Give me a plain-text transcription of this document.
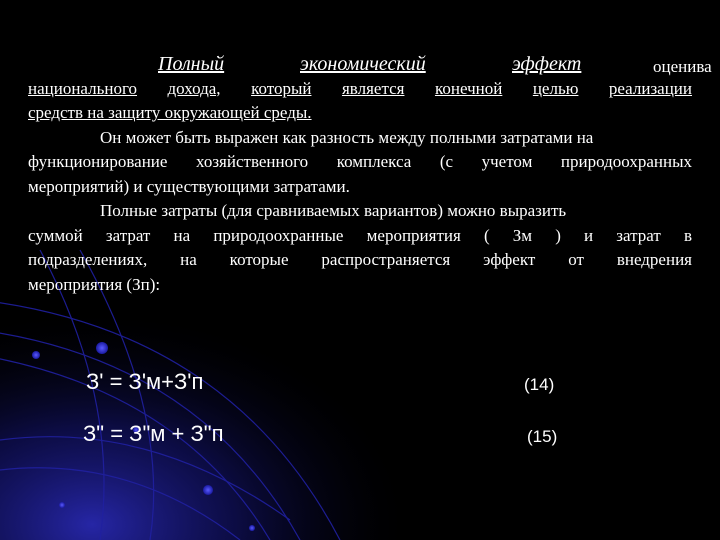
Полный	экономический	эффект	оценива
национального дохода, который является конечной целью реализации
средств на защиту окружающей среды.
Он может быть выражен как разность между полными затратами на
функционирование хозяйственного комплекса (с учетом природоохранных
мероприятий) и существующими затратами.
Полные затраты (для сравниваемых вариантов) можно выразить
суммой затрат на природоохранные мероприятия ( Зм ) и затрат в
подразделениях, на которые распространяется эффект от внедрения
мероприятия (Зп):
З' = З'м+З'п	(14)
З" = З"м + З"п	(15)
